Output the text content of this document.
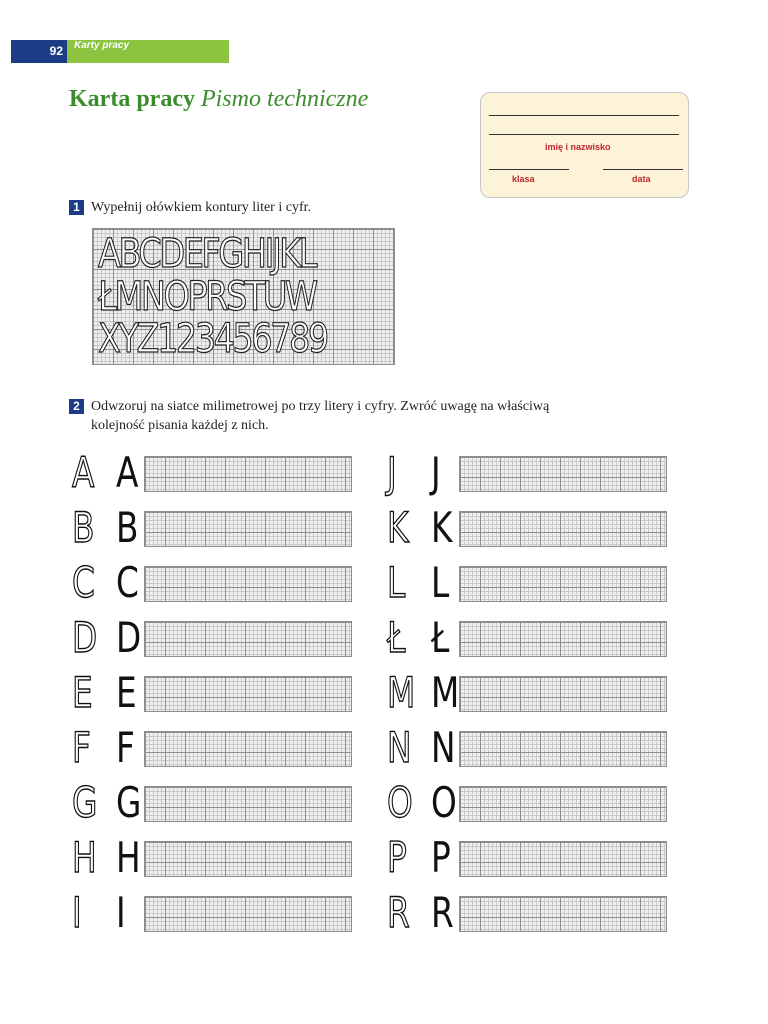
92	Karty pracy
Karta pracy Pismo techniczne
imię i nazwisko
klasa	data
1 Wypełnij ołówkiem kontury liter i cyfr.
ABCDEFGHIJKL
ŁMNOPRSTUW
XYZ123456789
2 Odwzoruj na siatce milimetrowej po trzy litery i cyfry. Zwróć uwagę na właściwą
kolejność pisania każdej z nich.
A A
B B
C C
D D
E E
F F
G G
H H
I I
J J
K K
L L
Ł Ł
M M
N N
O O
P P
R R
